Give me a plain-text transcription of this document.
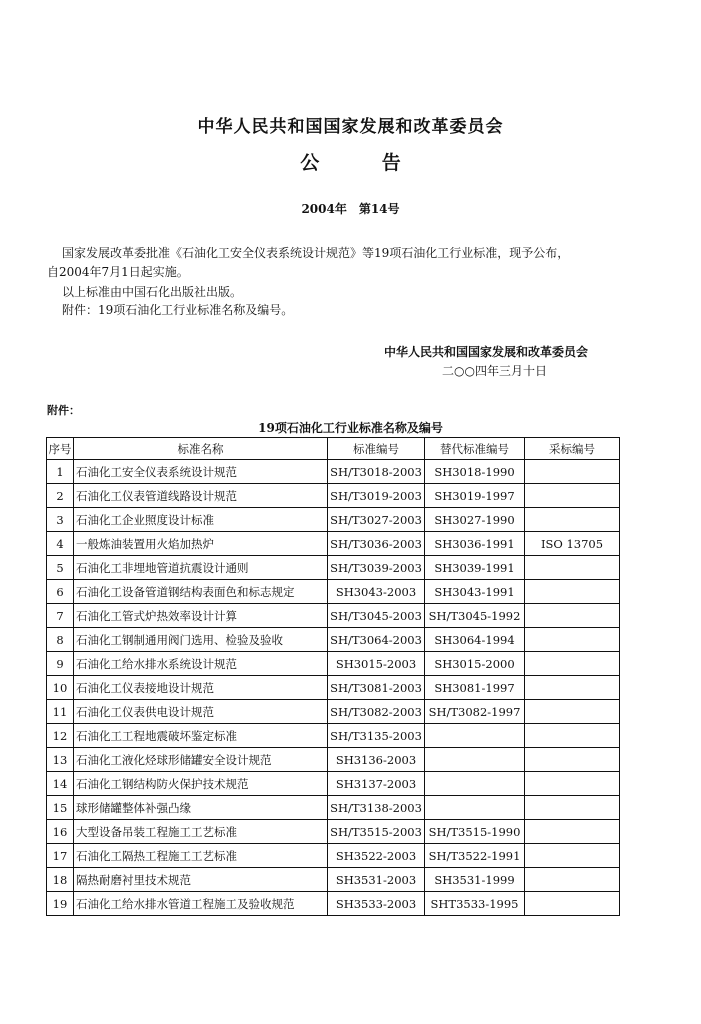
中华人民共和国国家发展和改革委员会
公 告
2004年　第14号
国家发展改革委批准《石油化工安全仪表系统设计规范》等19项石油化工行业标准，现予公布，
自2004年7月1日起实施。
以上标准由中国石化出版社出版。
附件：19项石油化工行业标准名称及编号。
中华人民共和国国家发展和改革委员会
二○○四年三月十日
附件：
19项石油化工行业标准名称及编号
序号	标准名称	标准编号	替代标准编号	采标编号
1	石油化工安全仪表系统设计规范	SH/T3018-2003	SH3018-1990	
2	石油化工仪表管道线路设计规范	SH/T3019-2003	SH3019-1997	
3	石油化工企业照度设计标准	SH/T3027-2003	SH3027-1990	
4	一般炼油装置用火焰加热炉	SH/T3036-2003	SH3036-1991	ISO 13705
5	石油化工非埋地管道抗震设计通则	SH/T3039-2003	SH3039-1991	
6	石油化工设备管道钢结构表面色和标志规定	SH3043-2003	SH3043-1991	
7	石油化工管式炉热效率设计计算	SH/T3045-2003	SH/T3045-1992	
8	石油化工钢制通用阀门选用、检验及验收	SH/T3064-2003	SH3064-1994	
9	石油化工给水排水系统设计规范	SH3015-2003	SH3015-2000	
10	石油化工仪表接地设计规范	SH/T3081-2003	SH3081-1997	
11	石油化工仪表供电设计规范	SH/T3082-2003	SH/T3082-1997	
12	石油化工工程地震破坏鉴定标准	SH/T3135-2003		
13	石油化工液化烃球形储罐安全设计规范	SH3136-2003		
14	石油化工钢结构防火保护技术规范	SH3137-2003		
15	球形储罐整体补强凸缘	SH/T3138-2003		
16	大型设备吊装工程施工工艺标准	SH/T3515-2003	SH/T3515-1990	
17	石油化工隔热工程施工工艺标准	SH3522-2003	SH/T3522-1991	
18	隔热耐磨衬里技术规范	SH3531-2003	SH3531-1999	
19	石油化工给水排水管道工程施工及验收规范	SH3533-2003	SHT3533-1995	
